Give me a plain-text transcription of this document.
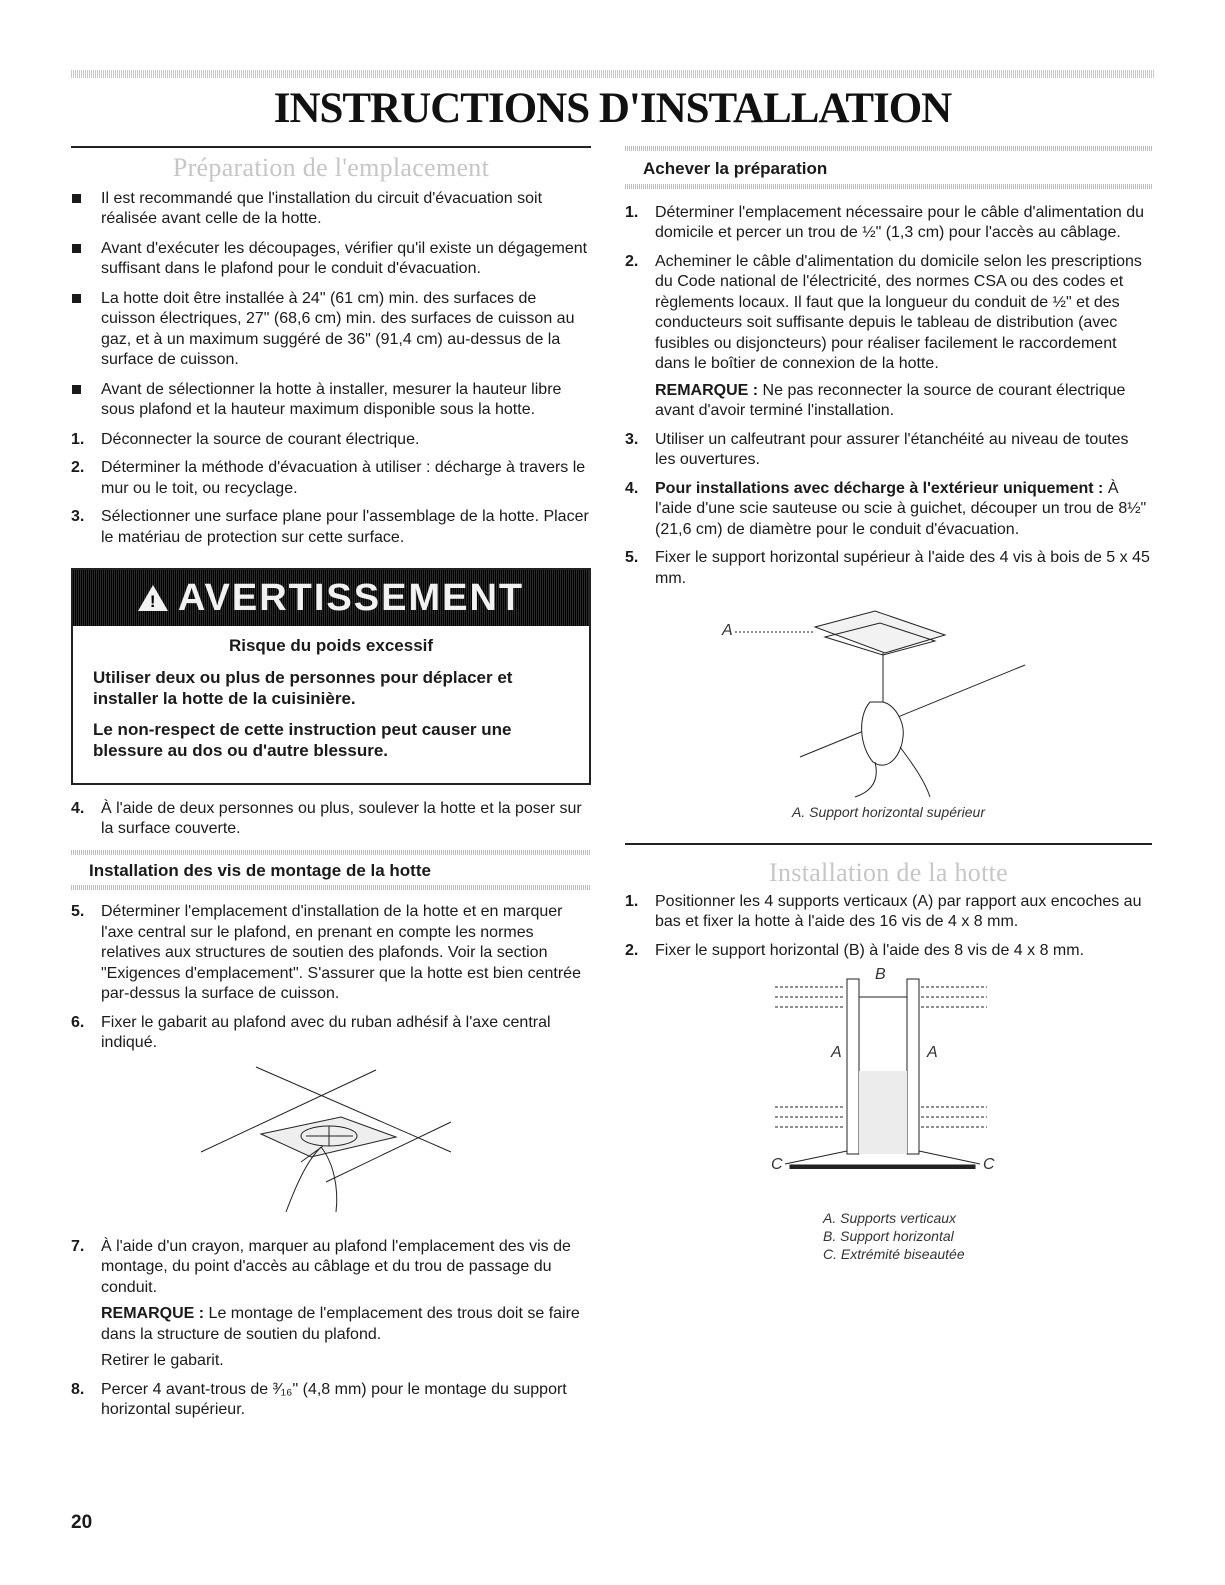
INSTRUCTIONS D'INSTALLATION
Préparation de l'emplacement
Il est recommandé que l'installation du circuit d'évacuation soit réalisée avant celle de la hotte.
Avant d'exécuter les découpages, vérifier qu'il existe un dégagement suffisant dans le plafond pour le conduit d'évacuation.
La hotte doit être installée à 24" (61 cm) min. des surfaces de cuisson électriques, 27" (68,6 cm) min. des surfaces de cuisson au gaz, et à un maximum suggéré de 36" (91,4 cm) au-dessus de la surface de cuisson.
Avant de sélectionner la hotte à installer, mesurer la hauteur libre sous plafond et la hauteur maximum disponible sous la hotte.
1. Déconnecter la source de courant électrique.
2. Déterminer la méthode d'évacuation à utiliser : décharge à travers le mur ou le toit, ou recyclage.
3. Sélectionner une surface plane pour l'assemblage de la hotte. Placer le matériau de protection sur cette surface.
! AVERTISSEMENT
Risque du poids excessif
Utiliser deux ou plus de personnes pour déplacer et installer la hotte de la cuisinière.
Le non-respect de cette instruction peut causer une blessure au dos ou d'autre blessure.
4. À l'aide de deux personnes ou plus, soulever la hotte et la poser sur la surface couverte.
Installation des vis de montage de la hotte
5. Déterminer l'emplacement d'installation de la hotte et en marquer l'axe central sur le plafond, en prenant en compte les normes relatives aux structures de soutien des plafonds. Voir la section "Exigences d'emplacement". S'assurer que la hotte est bien centrée par-dessus la surface de cuisson.
6. Fixer le gabarit au plafond avec du ruban adhésif à l'axe central indiqué.
7. À l'aide d'un crayon, marquer au plafond l'emplacement des vis de montage, du point d'accès au câblage et du trou de passage du conduit.

REMARQUE : Le montage de l'emplacement des trous doit se faire dans la structure de soutien du plafond.

Retirer le gabarit.

8. Percer 4 avant-trous de ³⁄₁₆" (4,8 mm) pour le montage du support horizontal supérieur.
Achever la préparation
1. Déterminer l'emplacement nécessaire pour le câble d'alimentation du domicile et percer un trou de ½" (1,3 cm) pour l'accès au câblage.
2. Acheminer le câble d'alimentation du domicile selon les prescriptions du Code national de l'électricité, des normes CSA ou des codes et règlements locaux. Il faut que la longueur du conduit de ½" et des conducteurs soit suffisante depuis le tableau de distribution (avec fusibles ou disjoncteurs) pour réaliser facilement le raccordement dans le boîtier de connexion de la hotte.

REMARQUE : Ne pas reconnecter la source de courant électrique avant d'avoir terminé l'installation.

3. Utiliser un calfeutrant pour assurer l'étanchéité au niveau de toutes les ouvertures.
4. Pour installations avec décharge à l'extérieur uniquement : À l'aide d'une scie sauteuse ou scie à guichet, découper un trou de 8½" (21,6 cm) de diamètre pour le conduit d'évacuation.
5. Fixer le support horizontal supérieur à l'aide des 4 vis à bois de 5 x 45 mm.
A
A. Support horizontal supérieur
Installation de la hotte
1. Positionner les 4 supports verticaux (A) par rapport aux encoches au bas et fixer la hotte à l'aide des 16 vis de 4 x 8 mm.
2. Fixer le support horizontal (B) à l'aide des 8 vis de 4 x 8 mm.
B
A	A
C	C
A. Supports verticaux
B. Support horizontal
C. Extrémité biseautée
20
